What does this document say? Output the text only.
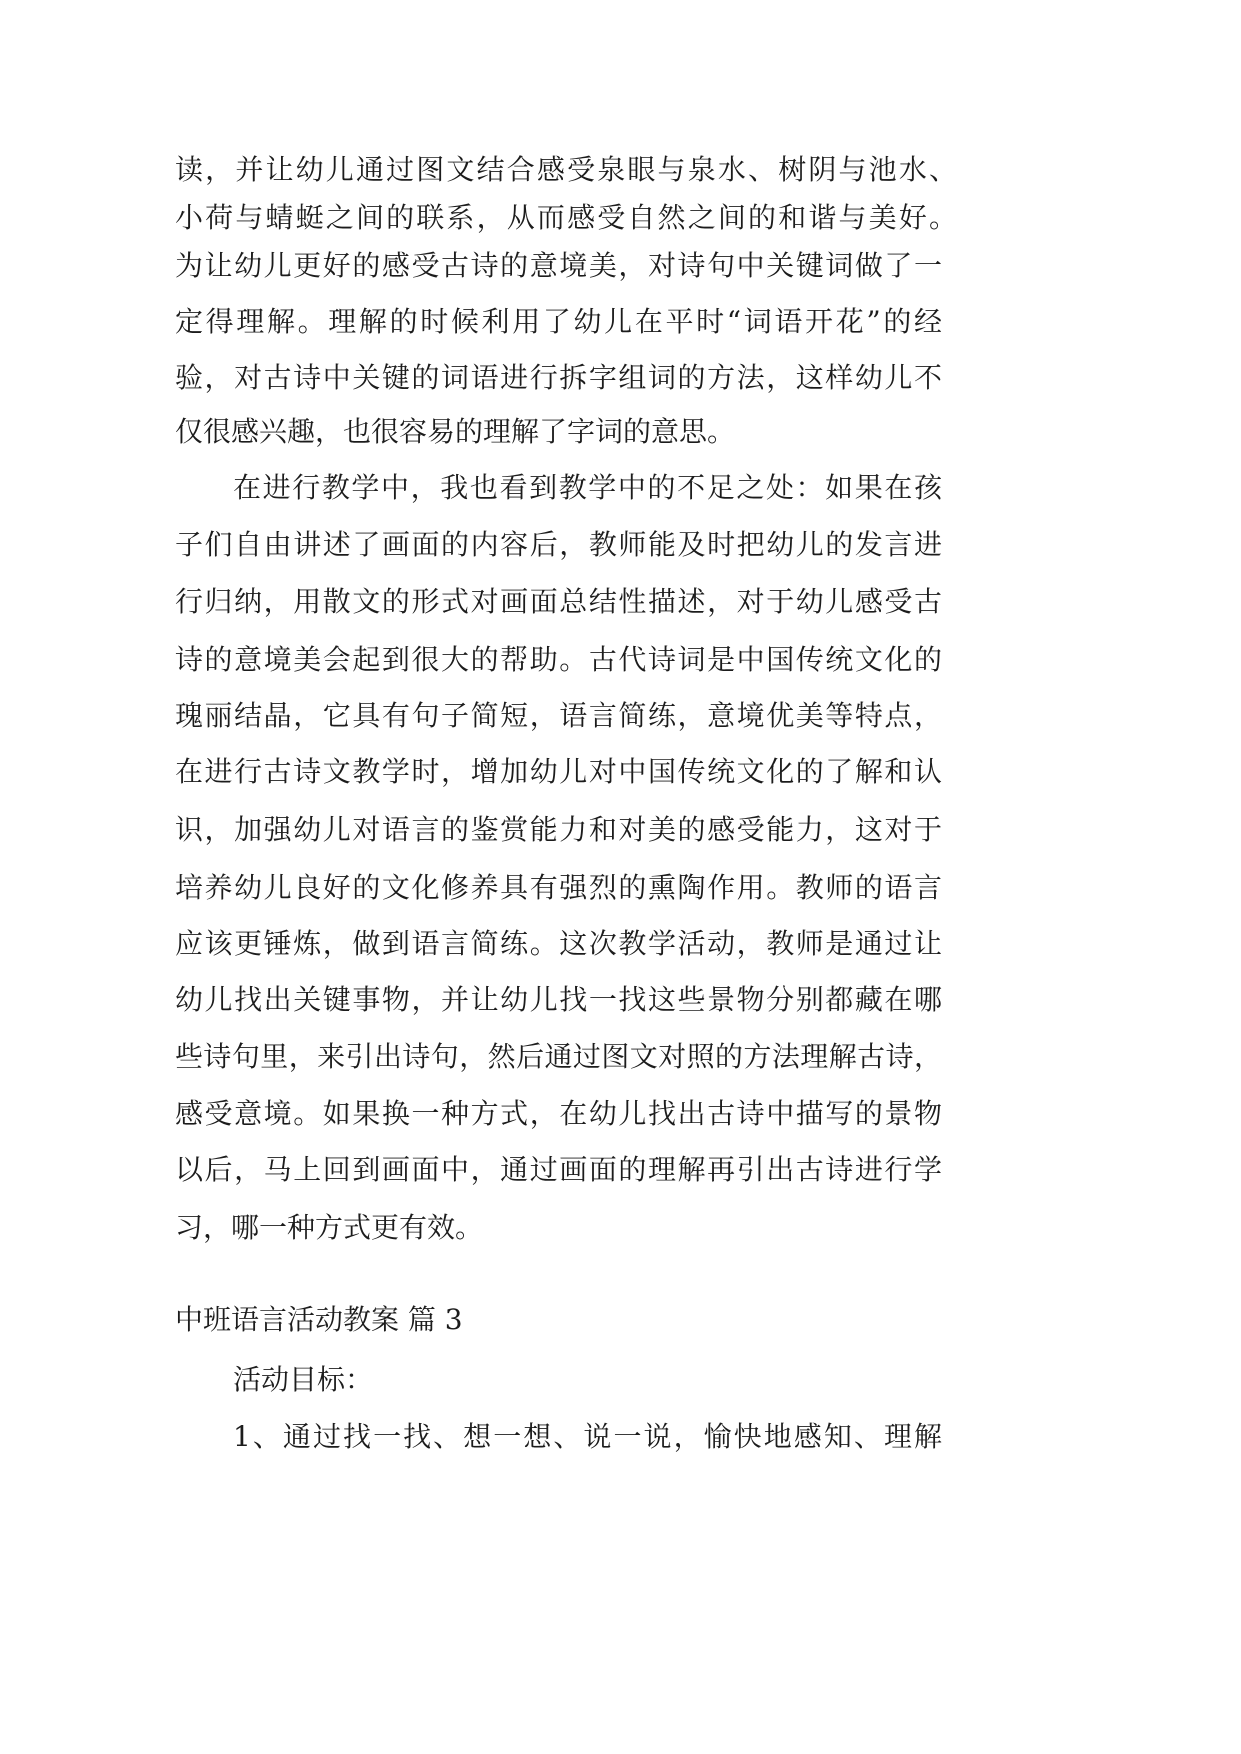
读，并让幼儿通过图文结合感受泉眼与泉水、树阴与池水、
小荷与蜻蜓之间的联系，从而感受自然之间的和谐与美好。
为让幼儿更好的感受古诗的意境美，对诗句中关键词做了一
定得理解。理解的时候利用了幼儿在平时“词语开花”的经
验，对古诗中关键的词语进行拆字组词的方法，这样幼儿不
仅很感兴趣，也很容易的理解了字词的意思。
在进行教学中，我也看到教学中的不足之处：如果在孩
子们自由讲述了画面的内容后，教师能及时把幼儿的发言进
行归纳，用散文的形式对画面总结性描述，对于幼儿感受古
诗的意境美会起到很大的帮助。古代诗词是中国传统文化的
瑰丽结晶，它具有句子简短，语言简练，意境优美等特点，
在进行古诗文教学时，增加幼儿对中国传统文化的了解和认
识，加强幼儿对语言的鉴赏能力和对美的感受能力，这对于
培养幼儿良好的文化修养具有强烈的熏陶作用。教师的语言
应该更锤炼，做到语言简练。这次教学活动，教师是通过让
幼儿找出关键事物，并让幼儿找一找这些景物分别都藏在哪
些诗句里，来引出诗句，然后通过图文对照的方法理解古诗，
感受意境。如果换一种方式，在幼儿找出古诗中描写的景物
以后，马上回到画面中，通过画面的理解再引出古诗进行学
习，哪一种方式更有效。
中班语言活动教案 篇 3
活动目标：
1、通过找一找、想一想、说一说，愉快地感知、理解
